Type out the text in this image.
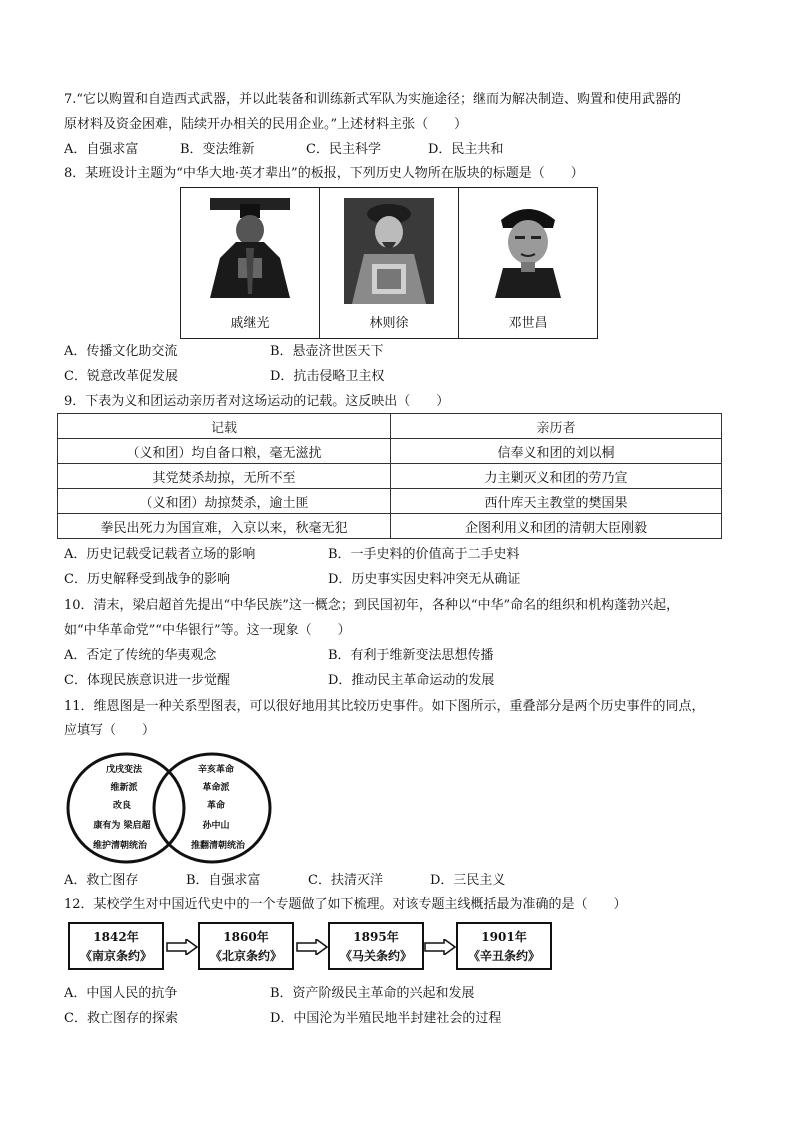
7.“它以购置和自造西式武器，并以此装备和训练新式军队为实施途径；继而为解决制造、购置和使用武器的
原材料及资金困难，陆续开办相关的民用企业。”上述材料主张（　　）
A．自强求富	B．变法维新	C．民主科学	D．民主共和
8．某班设计主题为“中华大地·英才辈出”的板报，下列历史人物所在版块的标题是（　　）
戚继光	林则徐	邓世昌
A．传播文化助交流	B．悬壶济世医天下
C．锐意改革促发展	D．抗击侵略卫主权
9．下表为义和团运动亲历者对这场运动的记载。这反映出（　　）
记载	亲历者
（义和团）均自备口粮，毫无滋扰	信奉义和团的刘以桐
其党焚杀劫掠，无所不至	力主剿灭义和团的劳乃宣
（义和团）劫掠焚杀，逾土匪	西什库天主教堂的樊国果
拳民出死力为国宣难，入京以来，秋毫无犯	企图利用义和团的清朝大臣刚毅
A．历史记载受记载者立场的影响	B．一手史料的价值高于二手史料
C．历史解释受到战争的影响	D．历史事实因史料冲突无从确证
10．清末，梁启超首先提出“中华民族”这一概念；到民国初年，各种以“中华”命名的组织和机构蓬勃兴起，
如“中华革命党”“中华银行”等。这一现象（　　）
A．否定了传统的华夷观念	B．有利于维新变法思想传播
C．体现民族意识进一步觉醒	D．推动民主革命运动的发展
11．维恩图是一种关系型图表，可以很好地用其比较历史事件。如下图所示，重叠部分是两个历史事件的同点，
应填写（　　）
戊戌变法
维新派
改良
康有为 梁启超
维护清朝统治
辛亥革命
革命派
革命
孙中山
推翻清朝统治
A．救亡图存	B．自强求富	C．扶清灭洋	D．三民主义
12．某校学生对中国近代史中的一个专题做了如下梳理。对该专题主线概括最为准确的是（　　）
1842年
《南京条约》
1860年
《北京条约》
1895年
《马关条约》
1901年
《辛丑条约》
A．中国人民的抗争	B．资产阶级民主革命的兴起和发展
C．救亡图存的探索	D．中国沦为半殖民地半封建社会的过程
